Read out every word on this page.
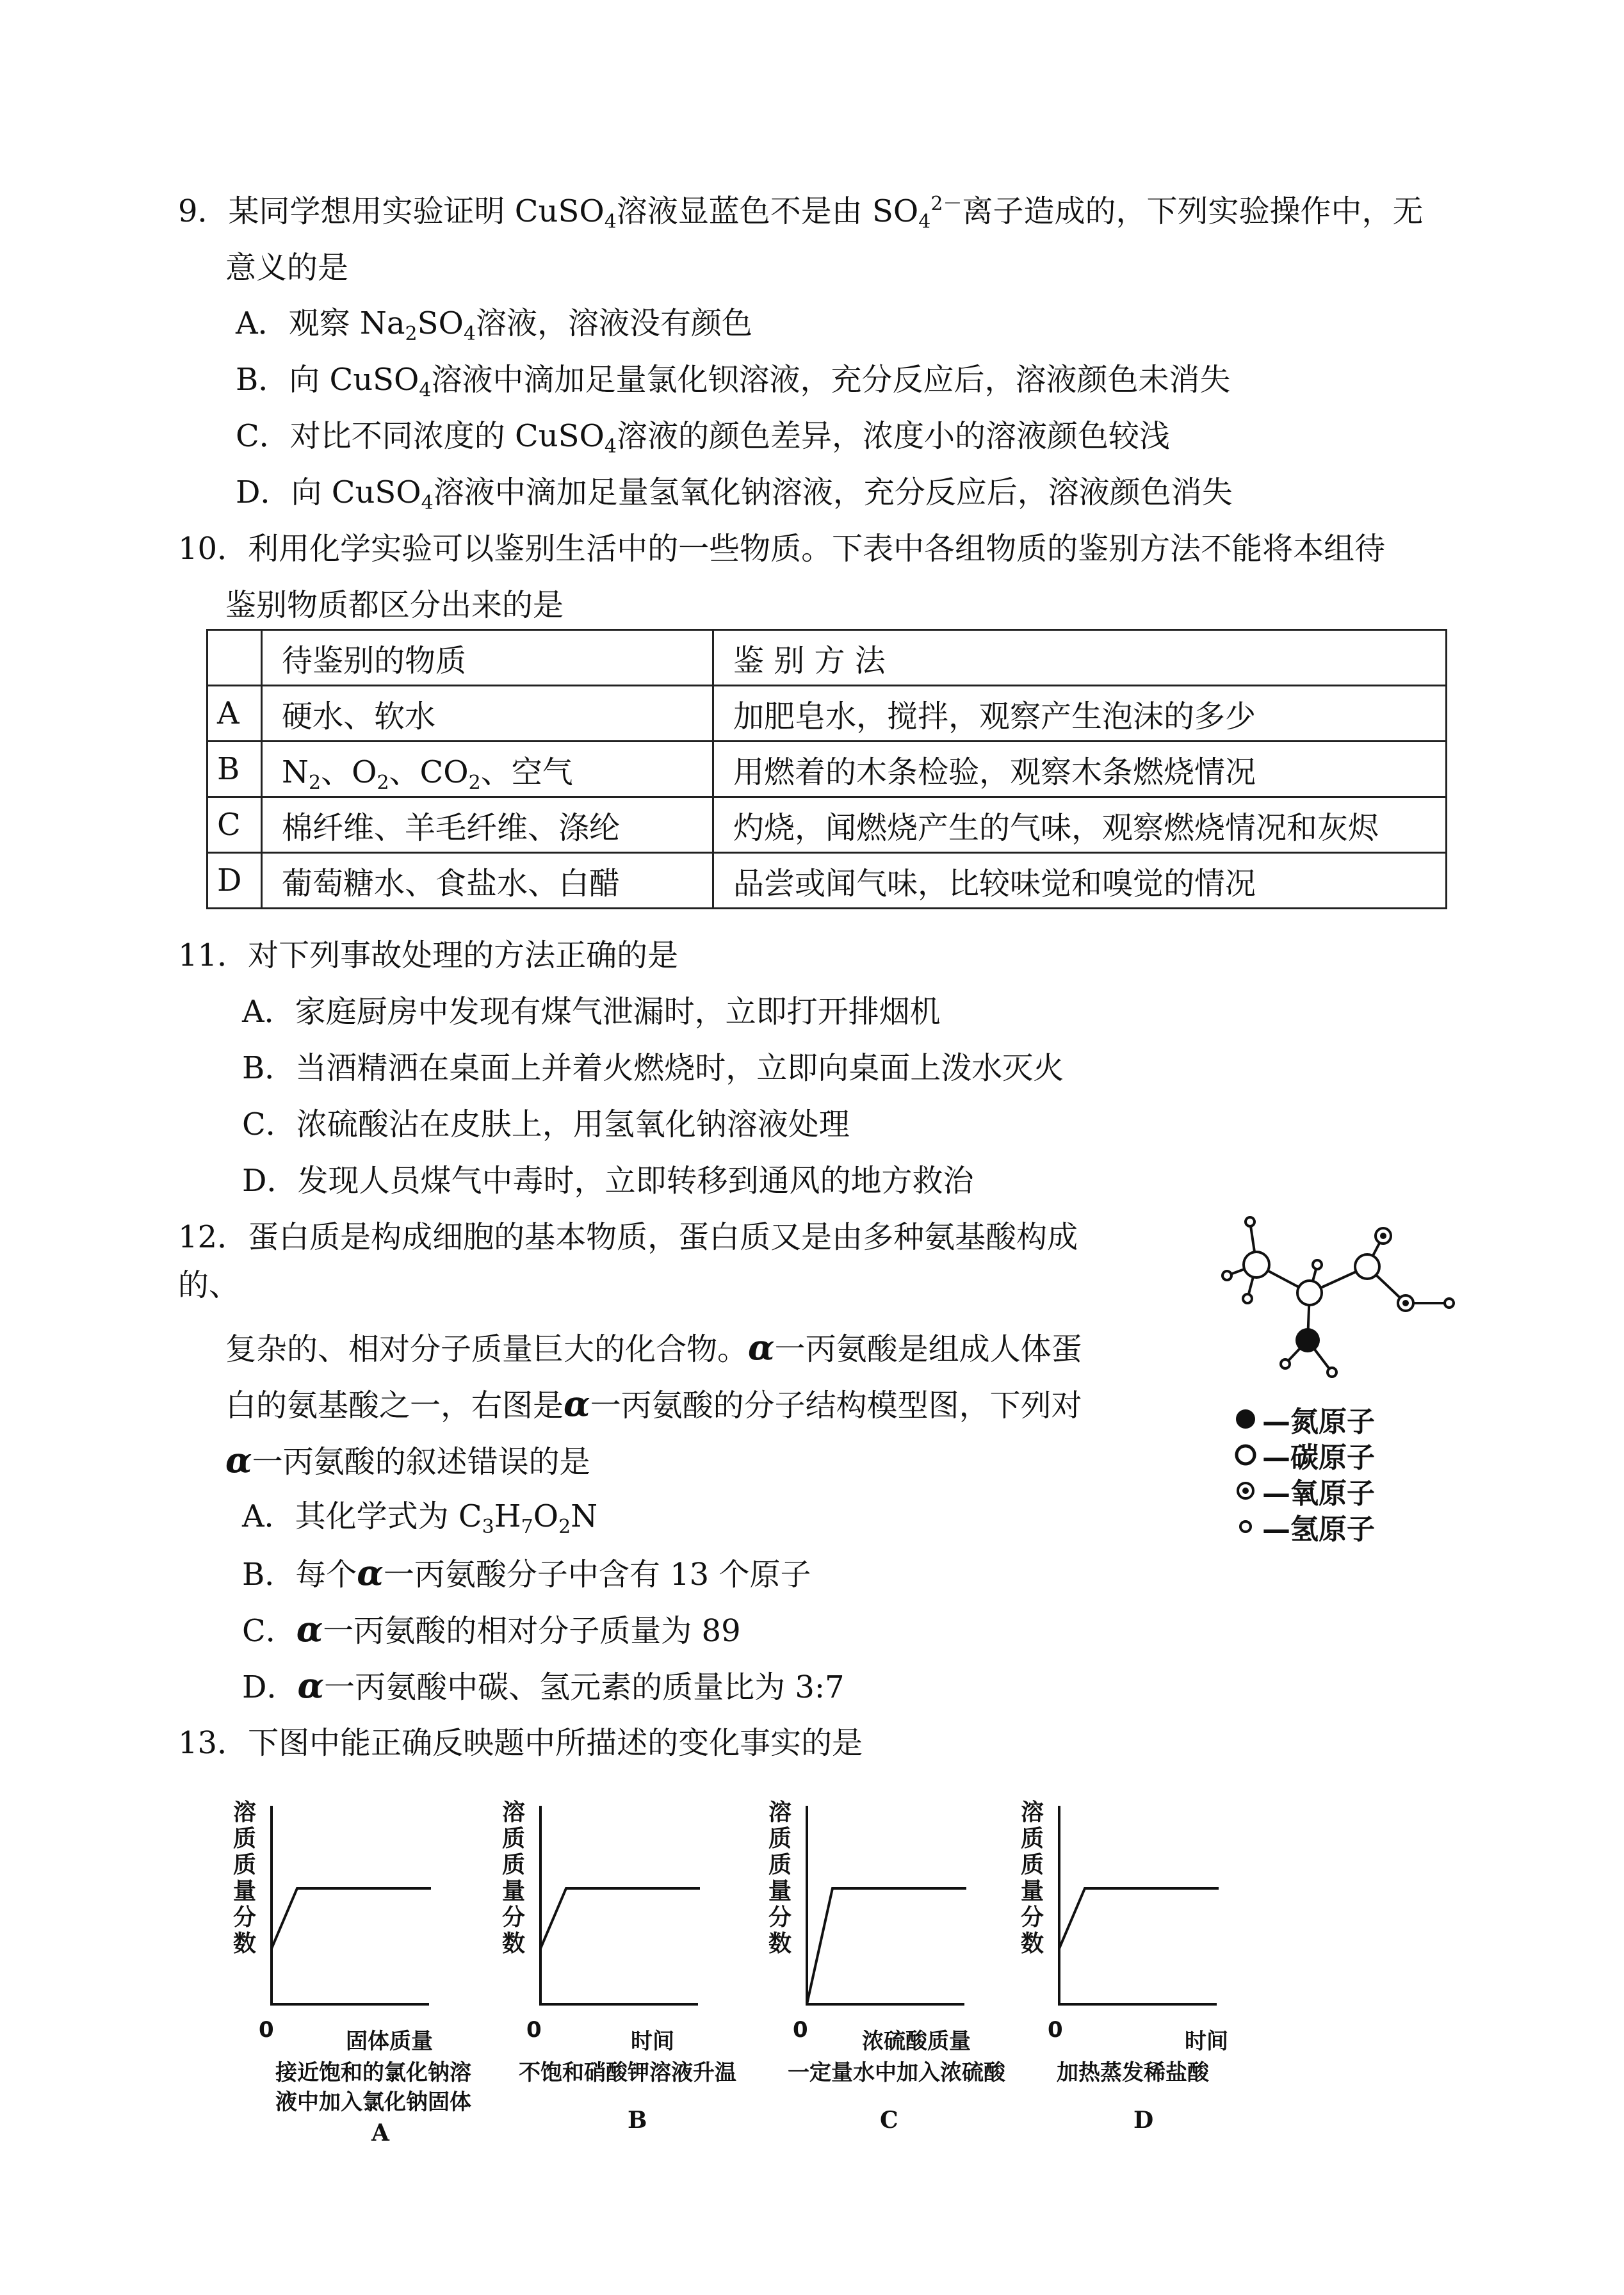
9．某同学想用实验证明 CuSO$_4$溶液显蓝色不是由 $SO_4^{2-}$离子造成的，下列实验操作中，无
意义的是
A．观察 $Na_2SO_4$溶液，溶液没有颜色
B．向 CuSO$_4$溶液中滴加足量氯化钡溶液，充分反应后，溶液颜色未消失
C．对比不同浓度的 CuSO$_4$溶液的颜色差异，浓度小的溶液颜色较浅
D．向 CuSO$_4$溶液中滴加足量氢氧化钠溶液，充分反应后，溶液颜色消失
10．利用化学实验可以鉴别生活中的一些物质。下表中各组物质的鉴别方法不能将本组待
鉴别物质都区分出来的是
	待鉴别的物质	鉴 别 方 法
A	硬水、软水	加肥皂水，搅拌，观察产生泡沫的多少
B	$N_2$、$O_2$、$CO_2$、空气	用燃着的木条检验，观察木条燃烧情况
C	棉纤维、羊毛纤维、涤纶	灼烧，闻燃烧产生的气味，观察燃烧情况和灰烬
D	葡萄糖水、食盐水、白醋	品尝或闻气味，比较味觉和嗅觉的情况
11．对下列事故处理的方法正确的是
A．家庭厨房中发现有煤气泄漏时，立即打开排烟机
B．当酒精洒在桌面上并着火燃烧时，立即向桌面上泼水灭火
C．浓硫酸沾在皮肤上，用氢氧化钠溶液处理
D．发现人员煤气中毒时，立即转移到通风的地方救治
12．蛋白质是构成细胞的基本物质，蛋白质又是由多种氨基酸构成
的、
复杂的、相对分子质量巨大的化合物。α一丙氨酸是组成人体蛋
白的氨基酸之一，右图是α一丙氨酸的分子结构模型图，下列对
α一丙氨酸的叙述错误的是
A．其化学式为 $C_3H_7O_2N$
B．每个α一丙氨酸分子中含有 13 个原子
C．α一丙氨酸的相对分子质量为 89
D．α一丙氨酸中碳、氢元素的质量比为 3:7
—氮原子
—碳原子
—氧原子
—氢原子
13．下图中能正确反映题中所描述的变化事实的是
溶
质
质
量
分
数
0	固体质量
接近饱和的氯化钠溶
液中加入氯化钠固体
A
溶
质
质
量
分
数
0	时间
不饱和硝酸钾溶液升温
B
溶
质
质
量
分
数
0 浓硫酸质量
一定量水中加入浓硫酸
C
溶
质
质
量
分
数
0	时间
加热蒸发稀盐酸
D
